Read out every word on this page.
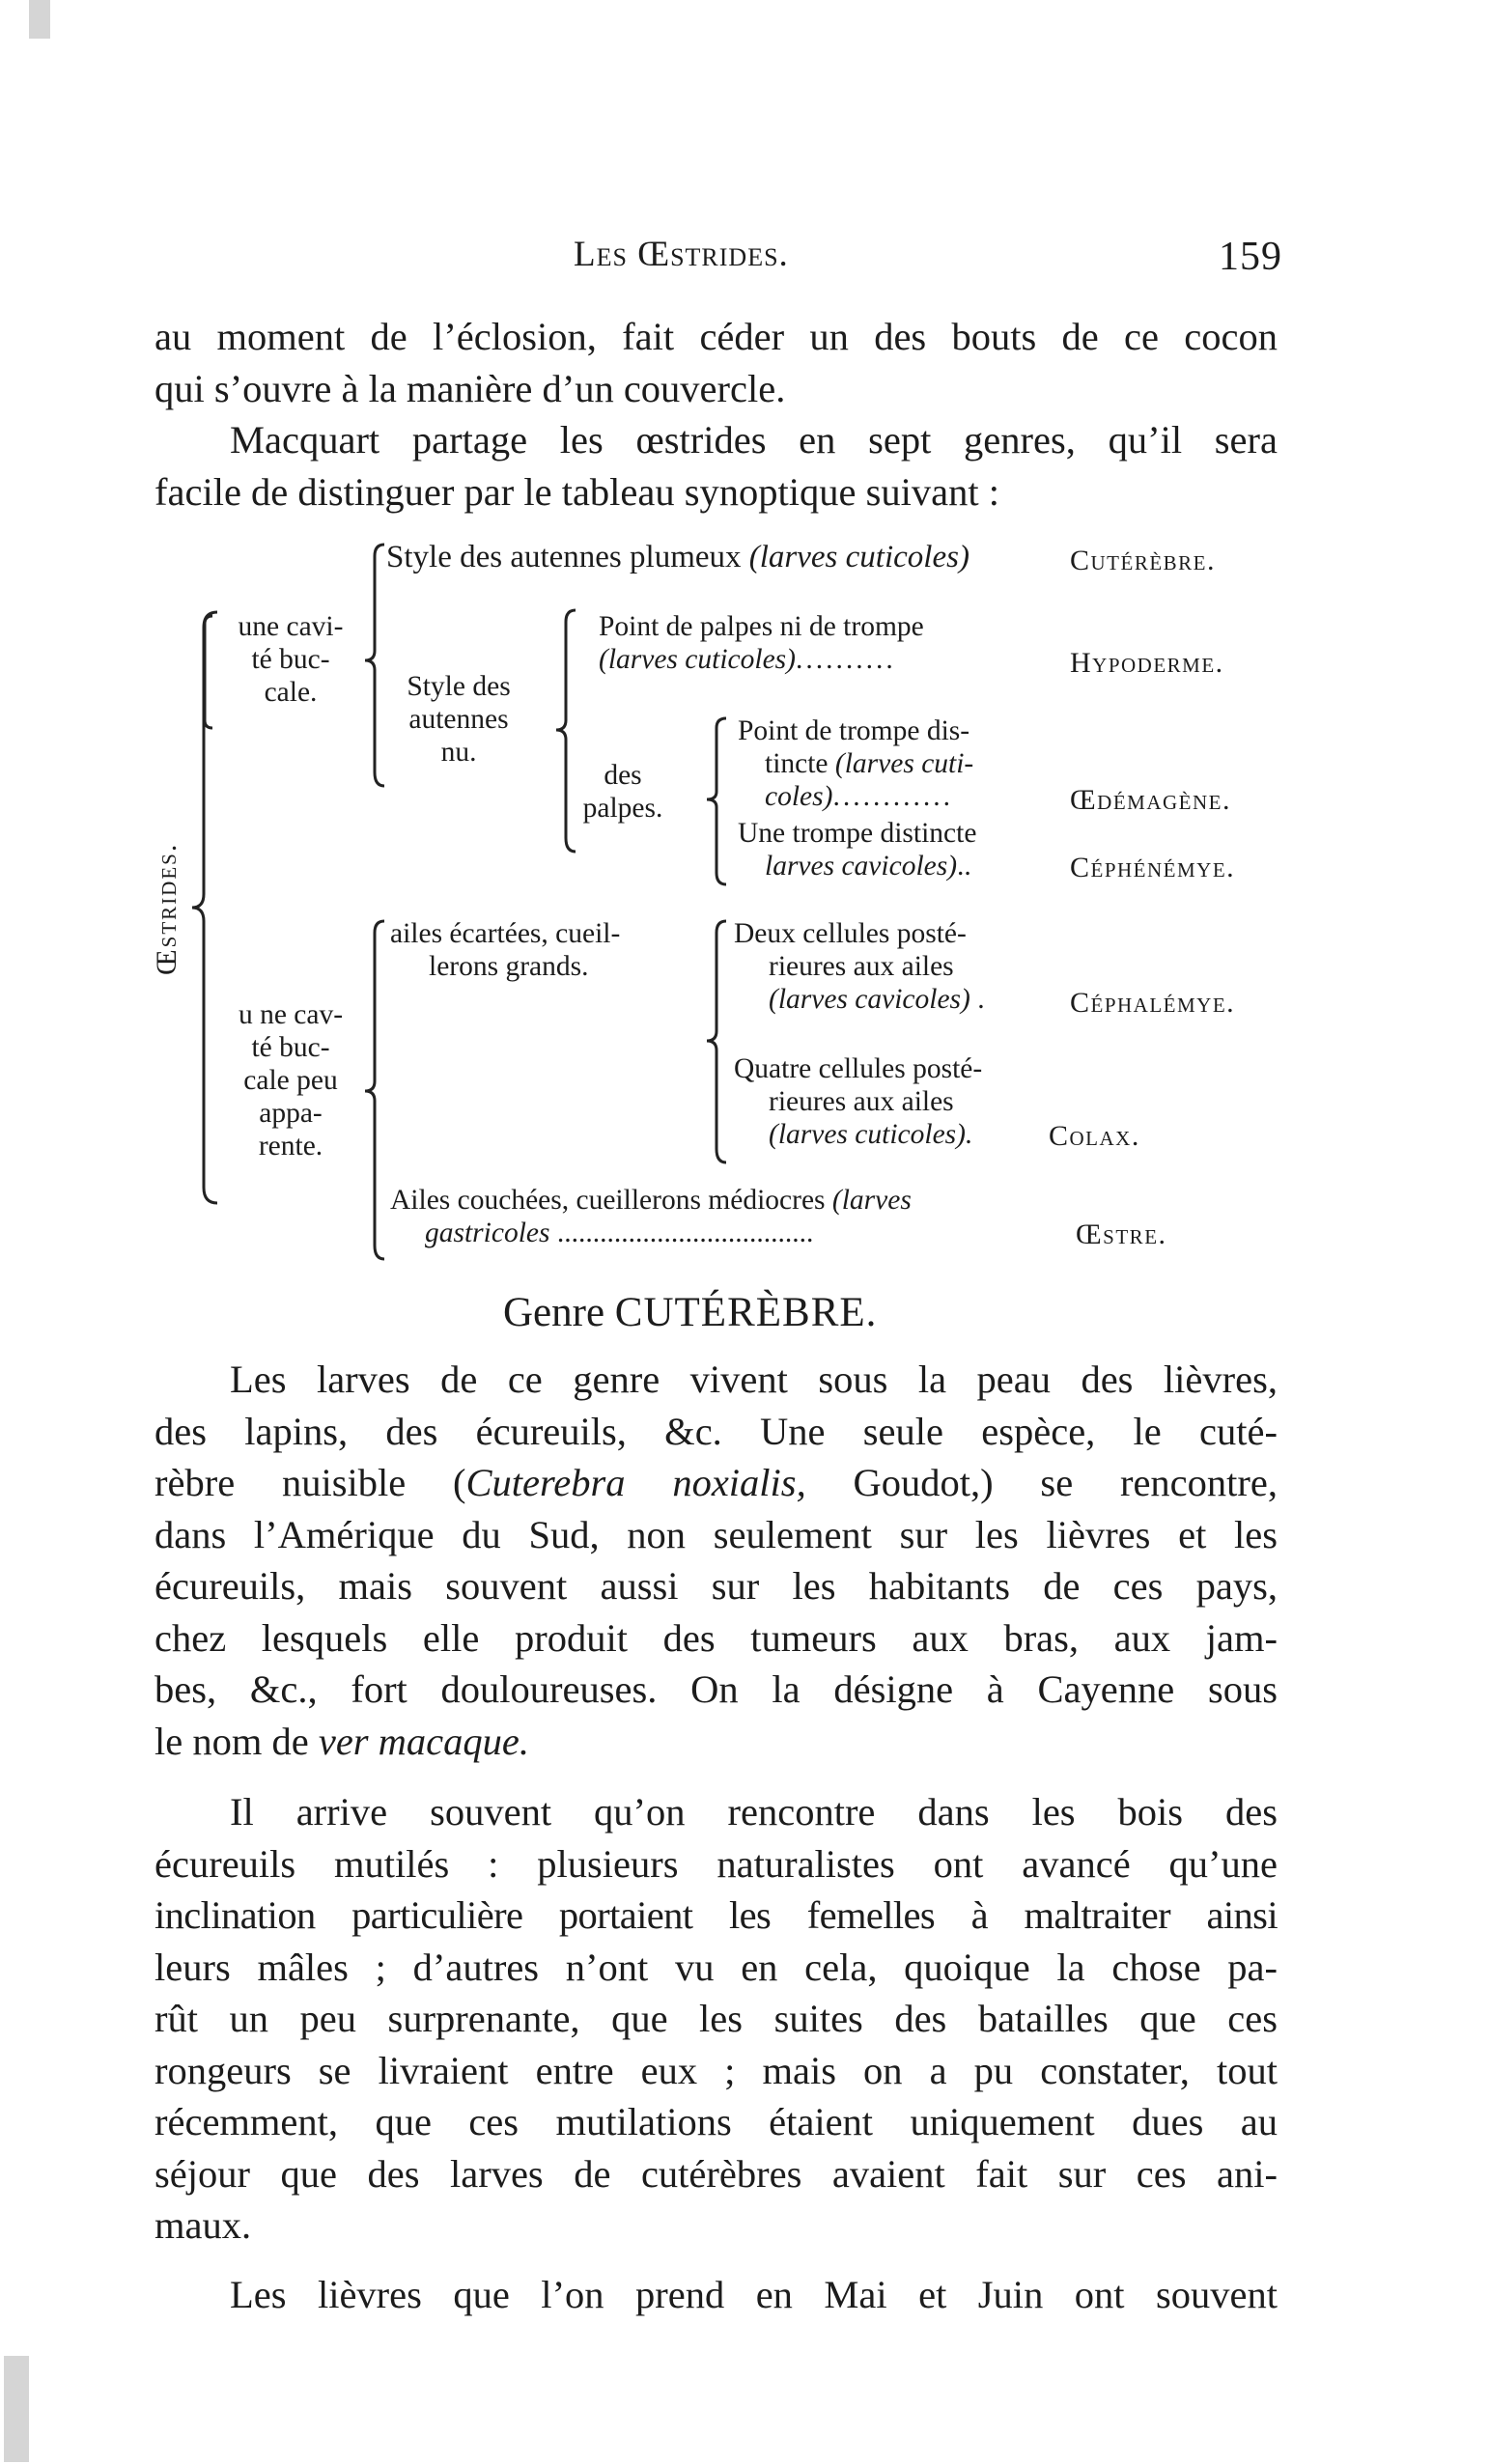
Les Œstrides.	159

au moment de l’éclosion, fait céder un des bouts de ce cocon

qui s’ouvre à la manière d’un couvercle.

Macquart partage les œstrides en sept genres, qu’il sera

facile de distinguer par le tableau synoptique suivant :

Œstrides.
une cavi-
té buc-
cale.
Style des autennes plumeux (larves cuticoles)	Cutérèbre.
Style des
autennes
nu.
Point de palpes ni de trompe
(larves cuticoles)..........	Hypoderme.
des
palpes.
Point de trompe dis-
tincte (larves cuti-
coles)............	Œdémagène.
Une trompe distincte
larves cavicoles)..	Céphénémye.
ailes écartées, cueil-
lerons grands.
u ne cav-
té buc-
cale peu
appa-
rente.
Deux cellules posté-
rieures aux ailes
(larves cavicoles) .	Céphalémye.
Quatre cellules posté-
rieures aux ailes
(larves cuticoles).	Colax.
Ailes couchées, cueillerons médiocres (larves
gastricoles ....................................	Œstre.
Genre CUTÉRÈBRE.

Les larves de ce genre vivent sous la peau des lièvres,

des lapins, des écureuils, &c. Une seule espèce, le cuté-

rèbre nuisible (Cuterebra noxialis, Goudot,) se rencontre,

dans l’Amérique du Sud, non seulement sur les lièvres et les

écureuils, mais souvent aussi sur les habitants de ces pays,

chez lesquels elle produit des tumeurs aux bras, aux jam-

bes, &c., fort douloureuses. On la désigne à Cayenne sous

le nom de ver macaque.

Il arrive souvent qu’on rencontre dans les bois des

écureuils mutilés : plusieurs naturalistes ont avancé qu’une

inclination particulière portaient les femelles à maltraiter ainsi

leurs mâles ; d’autres n’ont vu en cela, quoique la chose pa-

rût un peu surprenante, que les suites des batailles que ces

rongeurs se livraient entre eux ; mais on a pu constater, tout

récemment, que ces mutilations étaient uniquement dues au

séjour que des larves de cutérèbres avaient fait sur ces ani-

maux.

Les lièvres que l’on prend en Mai et Juin ont souvent
